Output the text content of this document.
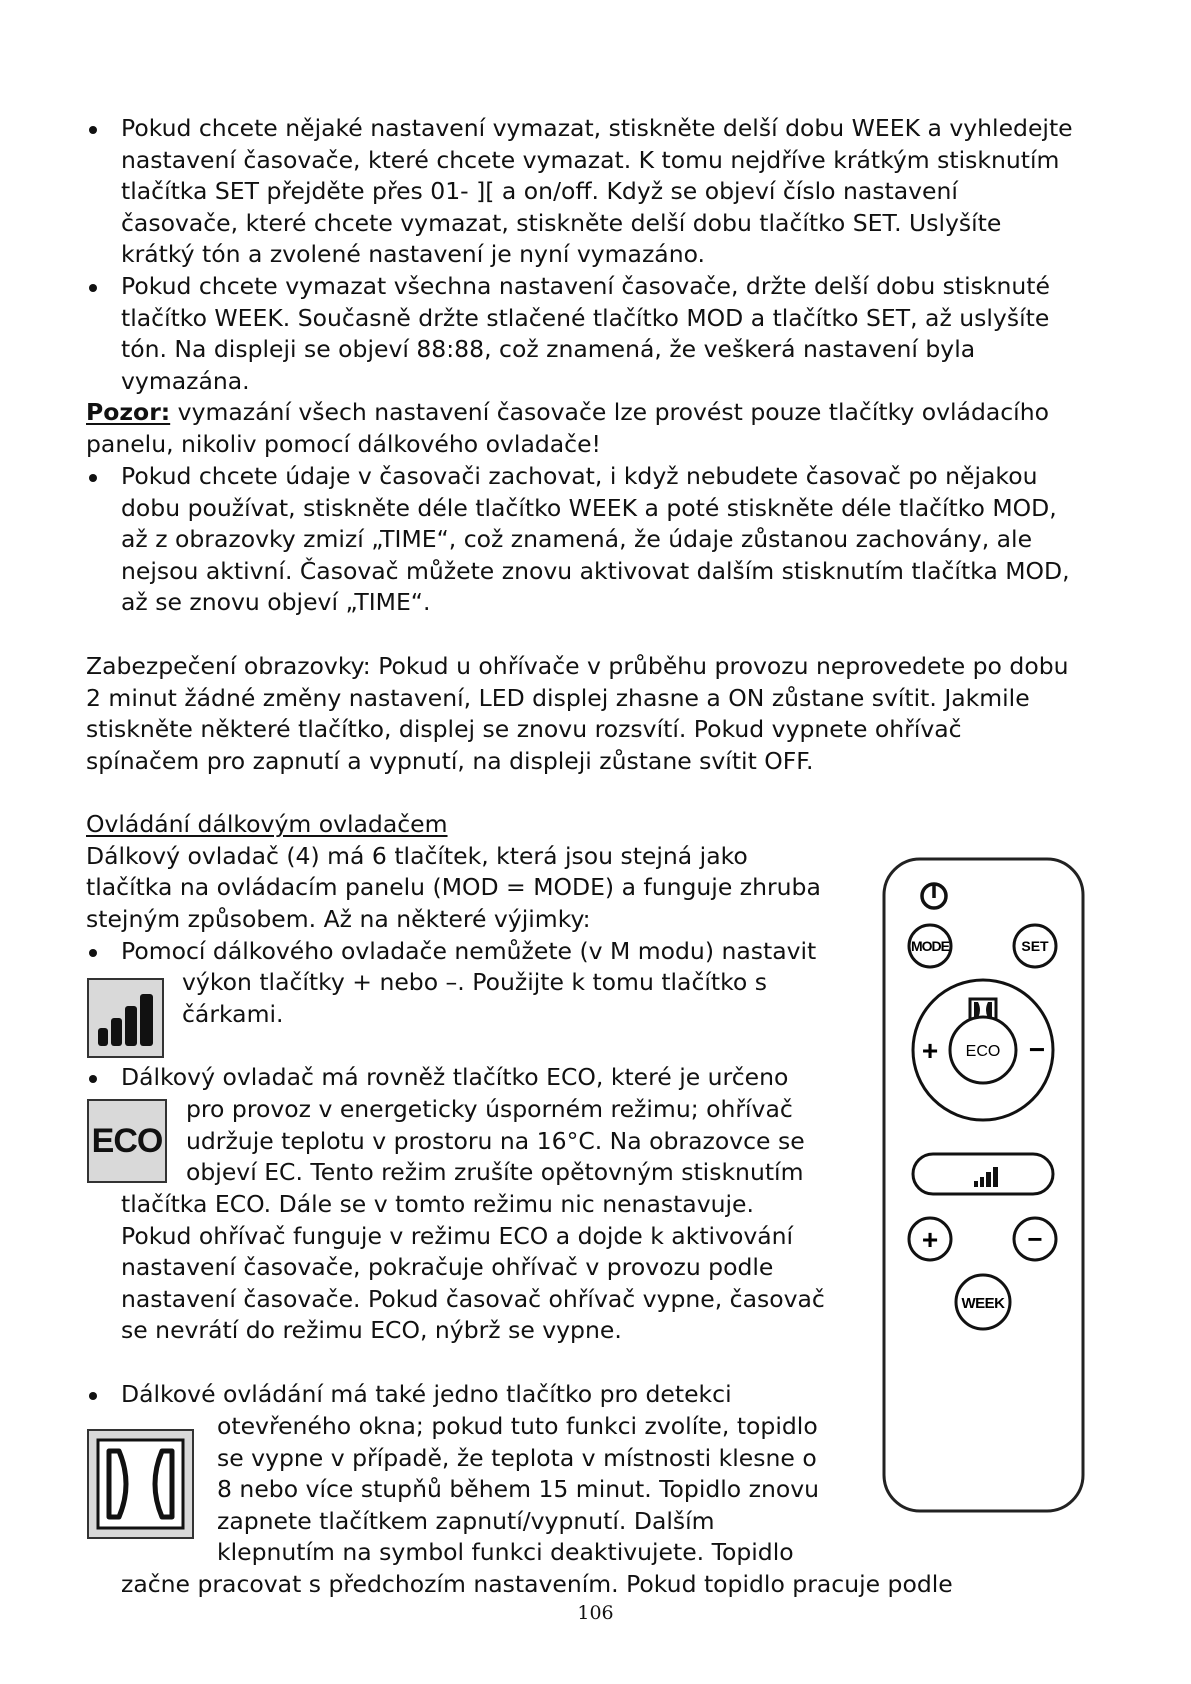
Pokud chcete nějaké nastavení vymazat, stiskněte delší dobu WEEK a vyhledejte
nastavení časovače, které chcete vymazat. K tomu nejdříve krátkým stisknutím
tlačítka SET přejděte přes 01- ][ a on/off. Když se objeví číslo nastavení
časovače, které chcete vymazat, stiskněte delší dobu tlačítko SET. Uslyšíte
krátký tón a zvolené nastavení je nyní vymazáno.
Pokud chcete vymazat všechna nastavení časovače, držte delší dobu stisknuté
tlačítko WEEK. Současně držte stlačené tlačítko MOD a tlačítko SET, až uslyšíte
tón. Na displeji se objeví 88:88, což znamená, že veškerá nastavení byla
vymazána.
Pozor: vymazání všech nastavení časovače lze provést pouze tlačítky ovládacího
panelu, nikoliv pomocí dálkového ovladače!
Pokud chcete údaje v časovači zachovat, i když nebudete časovač po nějakou
dobu používat, stiskněte déle tlačítko WEEK a poté stiskněte déle tlačítko MOD,
až z obrazovky zmizí „TIME“, což znamená, že údaje zůstanou zachovány, ale
nejsou aktivní. Časovač můžete znovu aktivovat dalším stisknutím tlačítka MOD,
až se znovu objeví „TIME“.
Zabezpečení obrazovky: Pokud u ohřívače v průběhu provozu neprovedete po dobu
2 minut žádné změny nastavení, LED displej zhasne a ON zůstane svítit. Jakmile
stiskněte některé tlačítko, displej se znovu rozsvítí. Pokud vypnete ohřívač
spínačem pro zapnutí a vypnutí, na displeji zůstane svítit OFF.
Ovládání dálkovým ovladačem
Dálkový ovladač (4) má 6 tlačítek, která jsou stejná jako
tlačítka na ovládacím panelu (MOD = MODE) a funguje zhruba
stejným způsobem. Až na některé výjimky:
Pomocí dálkového ovladače nemůžete (v M modu) nastavit
výkon tlačítky + nebo –. Použijte k tomu tlačítko s
čárkami.
Dálkový ovladač má rovněž tlačítko ECO, které je určeno
ECO
pro provoz v energeticky úsporném režimu; ohřívač
udržuje teplotu v prostoru na 16°C. Na obrazovce se
objeví EC. Tento režim zrušíte opětovným stisknutím
tlačítka ECO. Dále se v tomto režimu nic nenastavuje.
Pokud ohřívač funguje v režimu ECO a dojde k aktivování
nastavení časovače, pokračuje ohřívač v provozu podle
nastavení časovače. Pokud časovač ohřívač vypne, časovač
se nevrátí do režimu ECO, nýbrž se vypne.
Dálkové ovládání má také jedno tlačítko pro detekci
otevřeného okna; pokud tuto funkci zvolíte, topidlo
se vypne v případě, že teplota v místnosti klesne o
8 nebo více stupňů během 15 minut. Topidlo znovu
zapnete tlačítkem zapnutí/vypnutí. Dalším
klepnutím na symbol funkci deaktivujete. Topidlo
začne pracovat s předchozím nastavením. Pokud topidlo pracuje podle
MODE	SET
ECO
+	−
+	−
WEEK
106
